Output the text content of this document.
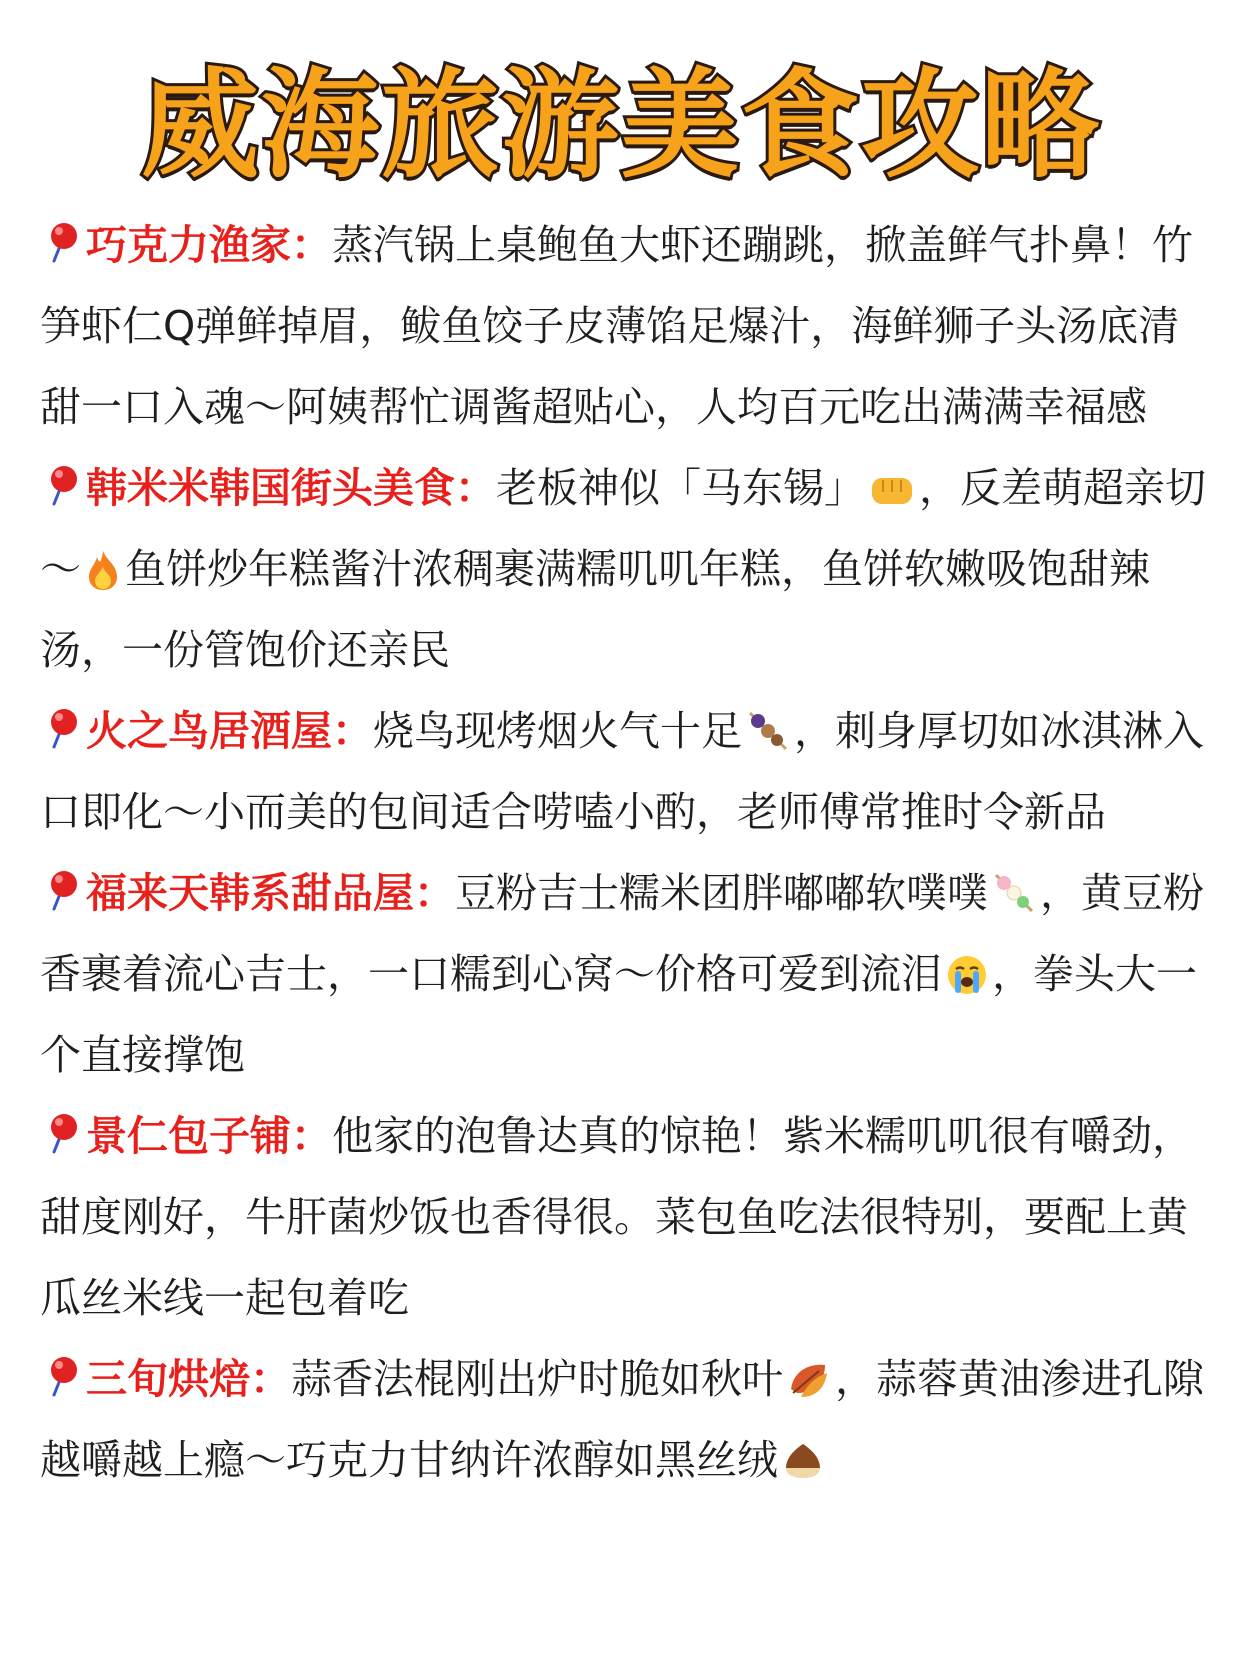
威海旅游美食攻略

巧克力渔家：蒸汽锅上桌鲍鱼大虾还蹦跳，掀盖鲜气扑鼻！竹笋虾仁Q弹鲜掉眉，鲅鱼饺子皮薄馅足爆汁，海鲜狮子头汤底清甜一口入魂～阿姨帮忙调酱超贴心，人均百元吃出满满幸福感

韩米米韩国街头美食：老板神似「马东锡」 ，反差萌超亲切～ 鱼饼炒年糕酱汁浓稠裹满糯叽叽年糕，鱼饼软嫩吸饱甜辣汤，一份管饱价还亲民

火之鸟居酒屋：烧鸟现烤烟火气十足 ，刺身厚切如冰淇淋入口即化～小而美的包间适合唠嗑小酌，老师傅常推时令新品

福来天韩系甜品屋：豆粉吉士糯米团胖嘟嘟软噗噗 ，黄豆粉香裹着流心吉士，一口糯到心窝～价格可爱到流泪 ，拳头大一个直接撑饱

景仁包子铺：他家的泡鲁达真的惊艳！紫米糯叽叽很有嚼劲，甜度刚好，牛肝菌炒饭也香得很。菜包鱼吃法很特别，要配上黄瓜丝米线一起包着吃

三旬烘焙：蒜香法棍刚出炉时脆如秋叶 ，蒜蓉黄油渗进孔隙越嚼越上瘾～巧克力甘纳许浓醇如黑丝绒
